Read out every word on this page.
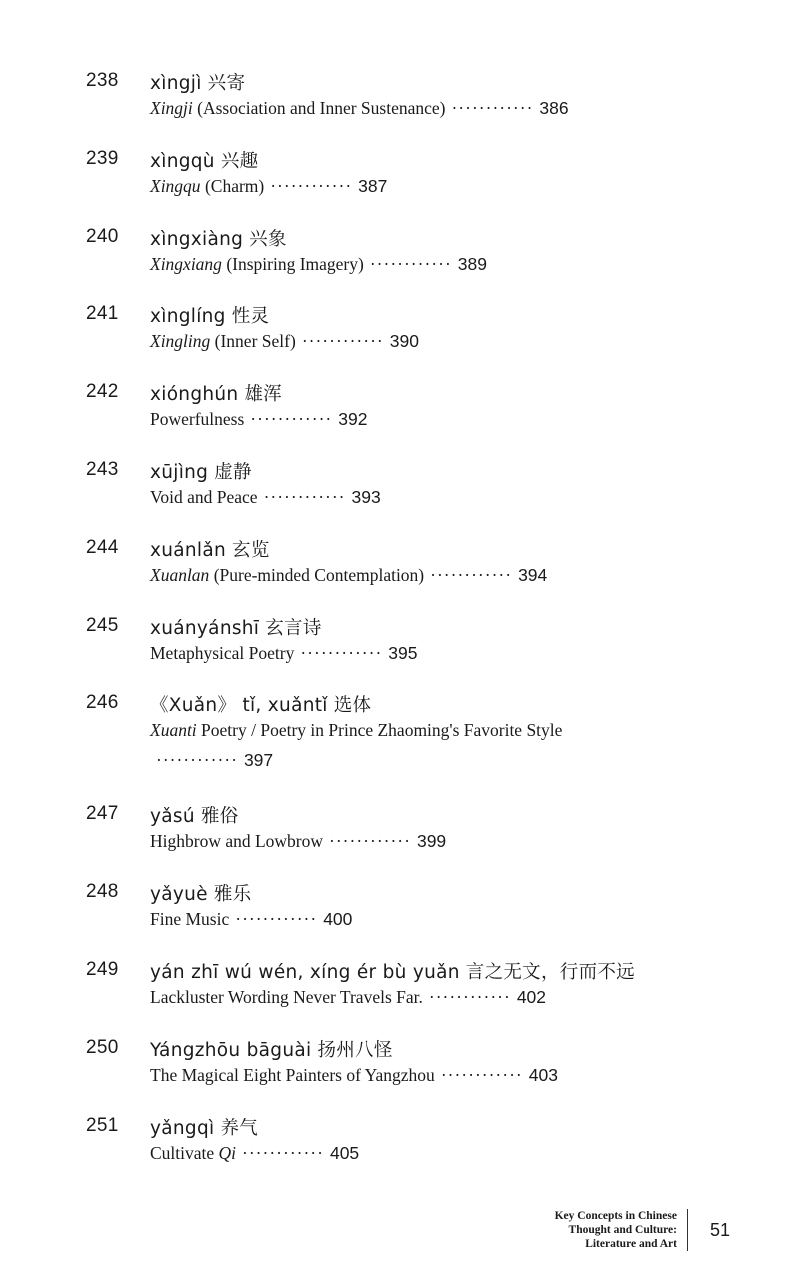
238 xìngjì 兴寄
Xingji (Association and Inner Sustenance) ············ 386
239 xìngqù 兴趣
Xingqu (Charm) ············ 387
240 xìngxiàng 兴象
Xingxiang (Inspiring Imagery) ············ 389
241 xìnglíng 性灵
Xingling (Inner Self) ············ 390
242 xiónghún 雄浑
Powerfulness ············ 392
243 xūjìng 虚静
Void and Peace ············ 393
244 xuánlǎn 玄览
Xuanlan (Pure-minded Contemplation) ············ 394
245 xuányánshī 玄言诗
Metaphysical Poetry ············ 395
246 《Xuǎn》 tǐ, xuǎntǐ 选体
Xuanti Poetry / Poetry in Prince Zhaoming's Favorite Style
············ 397
247 yǎsú 雅俗
Highbrow and Lowbrow ············ 399
248 yǎyuè 雅乐
Fine Music ············ 400
249 yán zhī wú wén, xíng ér bù yuǎn 言之无文，行而不远
Lackluster Wording Never Travels Far. ············ 402
250 Yángzhōu bāguài 扬州八怪
The Magical Eight Painters of Yangzhou ············ 403
251 yǎngqì 养气
Cultivate Qi ············ 405
Key Concepts in Chinese
Thought and Culture:
Literature and Art
51
